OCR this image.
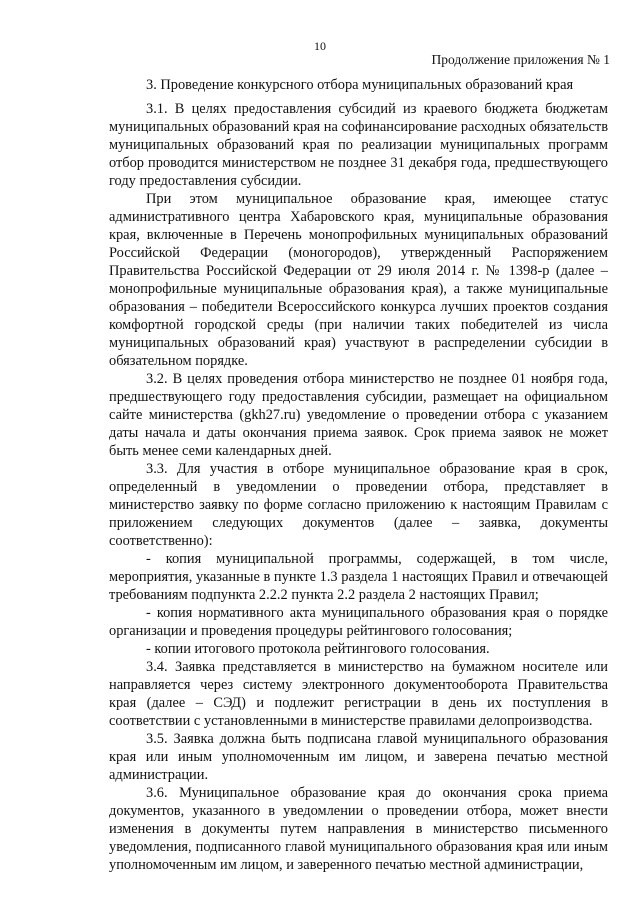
10
Продолжение приложения № 1

3. Проведение конкурсного отбора муниципальных образований края

3.1. В целях предоставления субсидий из краевого бюджета бюджетам муниципальных образований края на софинансирование расходных обязательств муниципальных образований края по реализации муниципальных программ отбор проводится министерством не позднее 31 декабря года, предшествующего году предоставления субсидии.

При этом муниципальное образование края, имеющее статус административного центра Хабаровского края, муниципальные образования края, включенные в Перечень монопрофильных муниципальных образований Российской Федерации (моногородов), утвержденный Распоряжением Правительства Российской Федерации от 29 июля 2014 г. № 1398-р (далее – монопрофильные муниципальные образования края), а также муниципальные образования – победители Всероссийского конкурса лучших проектов создания комфортной городской среды (при наличии таких победителей из числа муниципальных образований края) участвуют в распределении субсидии в обязательном порядке.

3.2. В целях проведения отбора министерство не позднее 01 ноября года, предшествующего году предоставления субсидии, размещает на официальном сайте министерства (gkh27.ru) уведомление о проведении отбора с указанием даты начала и даты окончания приема заявок. Срок приема заявок не может быть менее семи календарных дней.

3.3. Для участия в отборе муниципальное образование края в срок, определенный в уведомлении о проведении отбора, представляет в министерство заявку по форме согласно приложению к настоящим Правилам с приложением следующих документов (далее – заявка, документы соответственно):

- копия муниципальной программы, содержащей, в том числе, мероприятия, указанные в пункте 1.3 раздела 1 настоящих Правил и отвечающей требованиям подпункта 2.2.2 пункта 2.2 раздела 2 настоящих Правил;

- копия нормативного акта муниципального образования края о порядке организации и проведения процедуры рейтингового голосования;

- копии итогового протокола рейтингового голосования.

3.4. Заявка представляется в министерство на бумажном носителе или направляется через систему электронного документооборота Правительства края (далее – СЭД) и подлежит регистрации в день их поступления в соответствии с установленными в министерстве правилами делопроизводства.

3.5. Заявка должна быть подписана главой муниципального образования края или иным уполномоченным им лицом, и заверена печатью местной администрации.

3.6. Муниципальное образование края до окончания срока приема документов, указанного в уведомлении о проведении отбора, может внести изменения в документы путем направления в министерство письменного уведомления, подписанного главой муниципального образования края или иным уполномоченным им лицом, и заверенного печатью местной администрации,
